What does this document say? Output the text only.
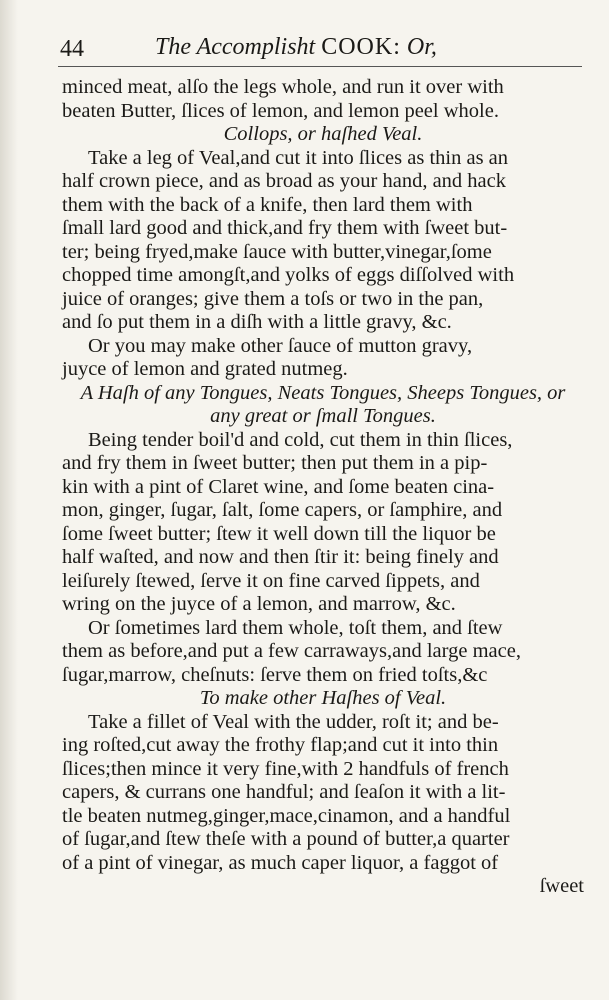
44	The Accomplisht COOK: Or,
minced meat, alſo the legs whole, and run it over with
beaten Butter, ſlices of lemon, and lemon peel whole.
Collops, or haſhed Veal.
Take a leg of Veal,and cut it into ſlices as thin as an
half crown piece, and as broad as your hand, and hack
them with the back of a knife, then lard them with
ſmall lard good and thick,and fry them with ſweet but-
ter; being fryed,make ſauce with butter,vinegar,ſome
chopped time amongſt,and yolks of eggs diſſolved with
juice of oranges; give them a toſs or two in the pan,
and ſo put them in a diſh with a little gravy, &c.
Or you may make other ſauce of mutton gravy,
juyce of lemon and grated nutmeg.
A Haſh of any Tongues, Neats Tongues, Sheeps Tongues, or
any great or ſmall Tongues.
Being tender boil'd and cold, cut them in thin ſlices,
and fry them in ſweet butter; then put them in a pip-
kin with a pint of Claret wine, and ſome beaten cina-
mon, ginger, ſugar, ſalt, ſome capers, or ſamphire, and
ſome ſweet butter; ſtew it well down till the liquor be
half waſted, and now and then ſtir it: being finely and
leiſurely ſtewed, ſerve it on fine carved ſippets, and
wring on the juyce of a lemon, and marrow, &c.
Or ſometimes lard them whole, toſt them, and ſtew
them as before,and put a few carraways,and large mace,
ſugar,marrow, cheſnuts: ſerve them on fried toſts,&c
To make other Haſhes of Veal.
Take a fillet of Veal with the udder, roſt it; and be-
ing roſted,cut away the frothy flap;and cut it into thin
ſlices;then mince it very fine,with 2 handfuls of french
capers, & currans one handful; and ſeaſon it with a lit-
tle beaten nutmeg,ginger,mace,cinamon, and a handful
of ſugar,and ſtew theſe with a pound of butter,a quarter
of a pint of vinegar, as much caper liquor, a faggot of
ſweet
